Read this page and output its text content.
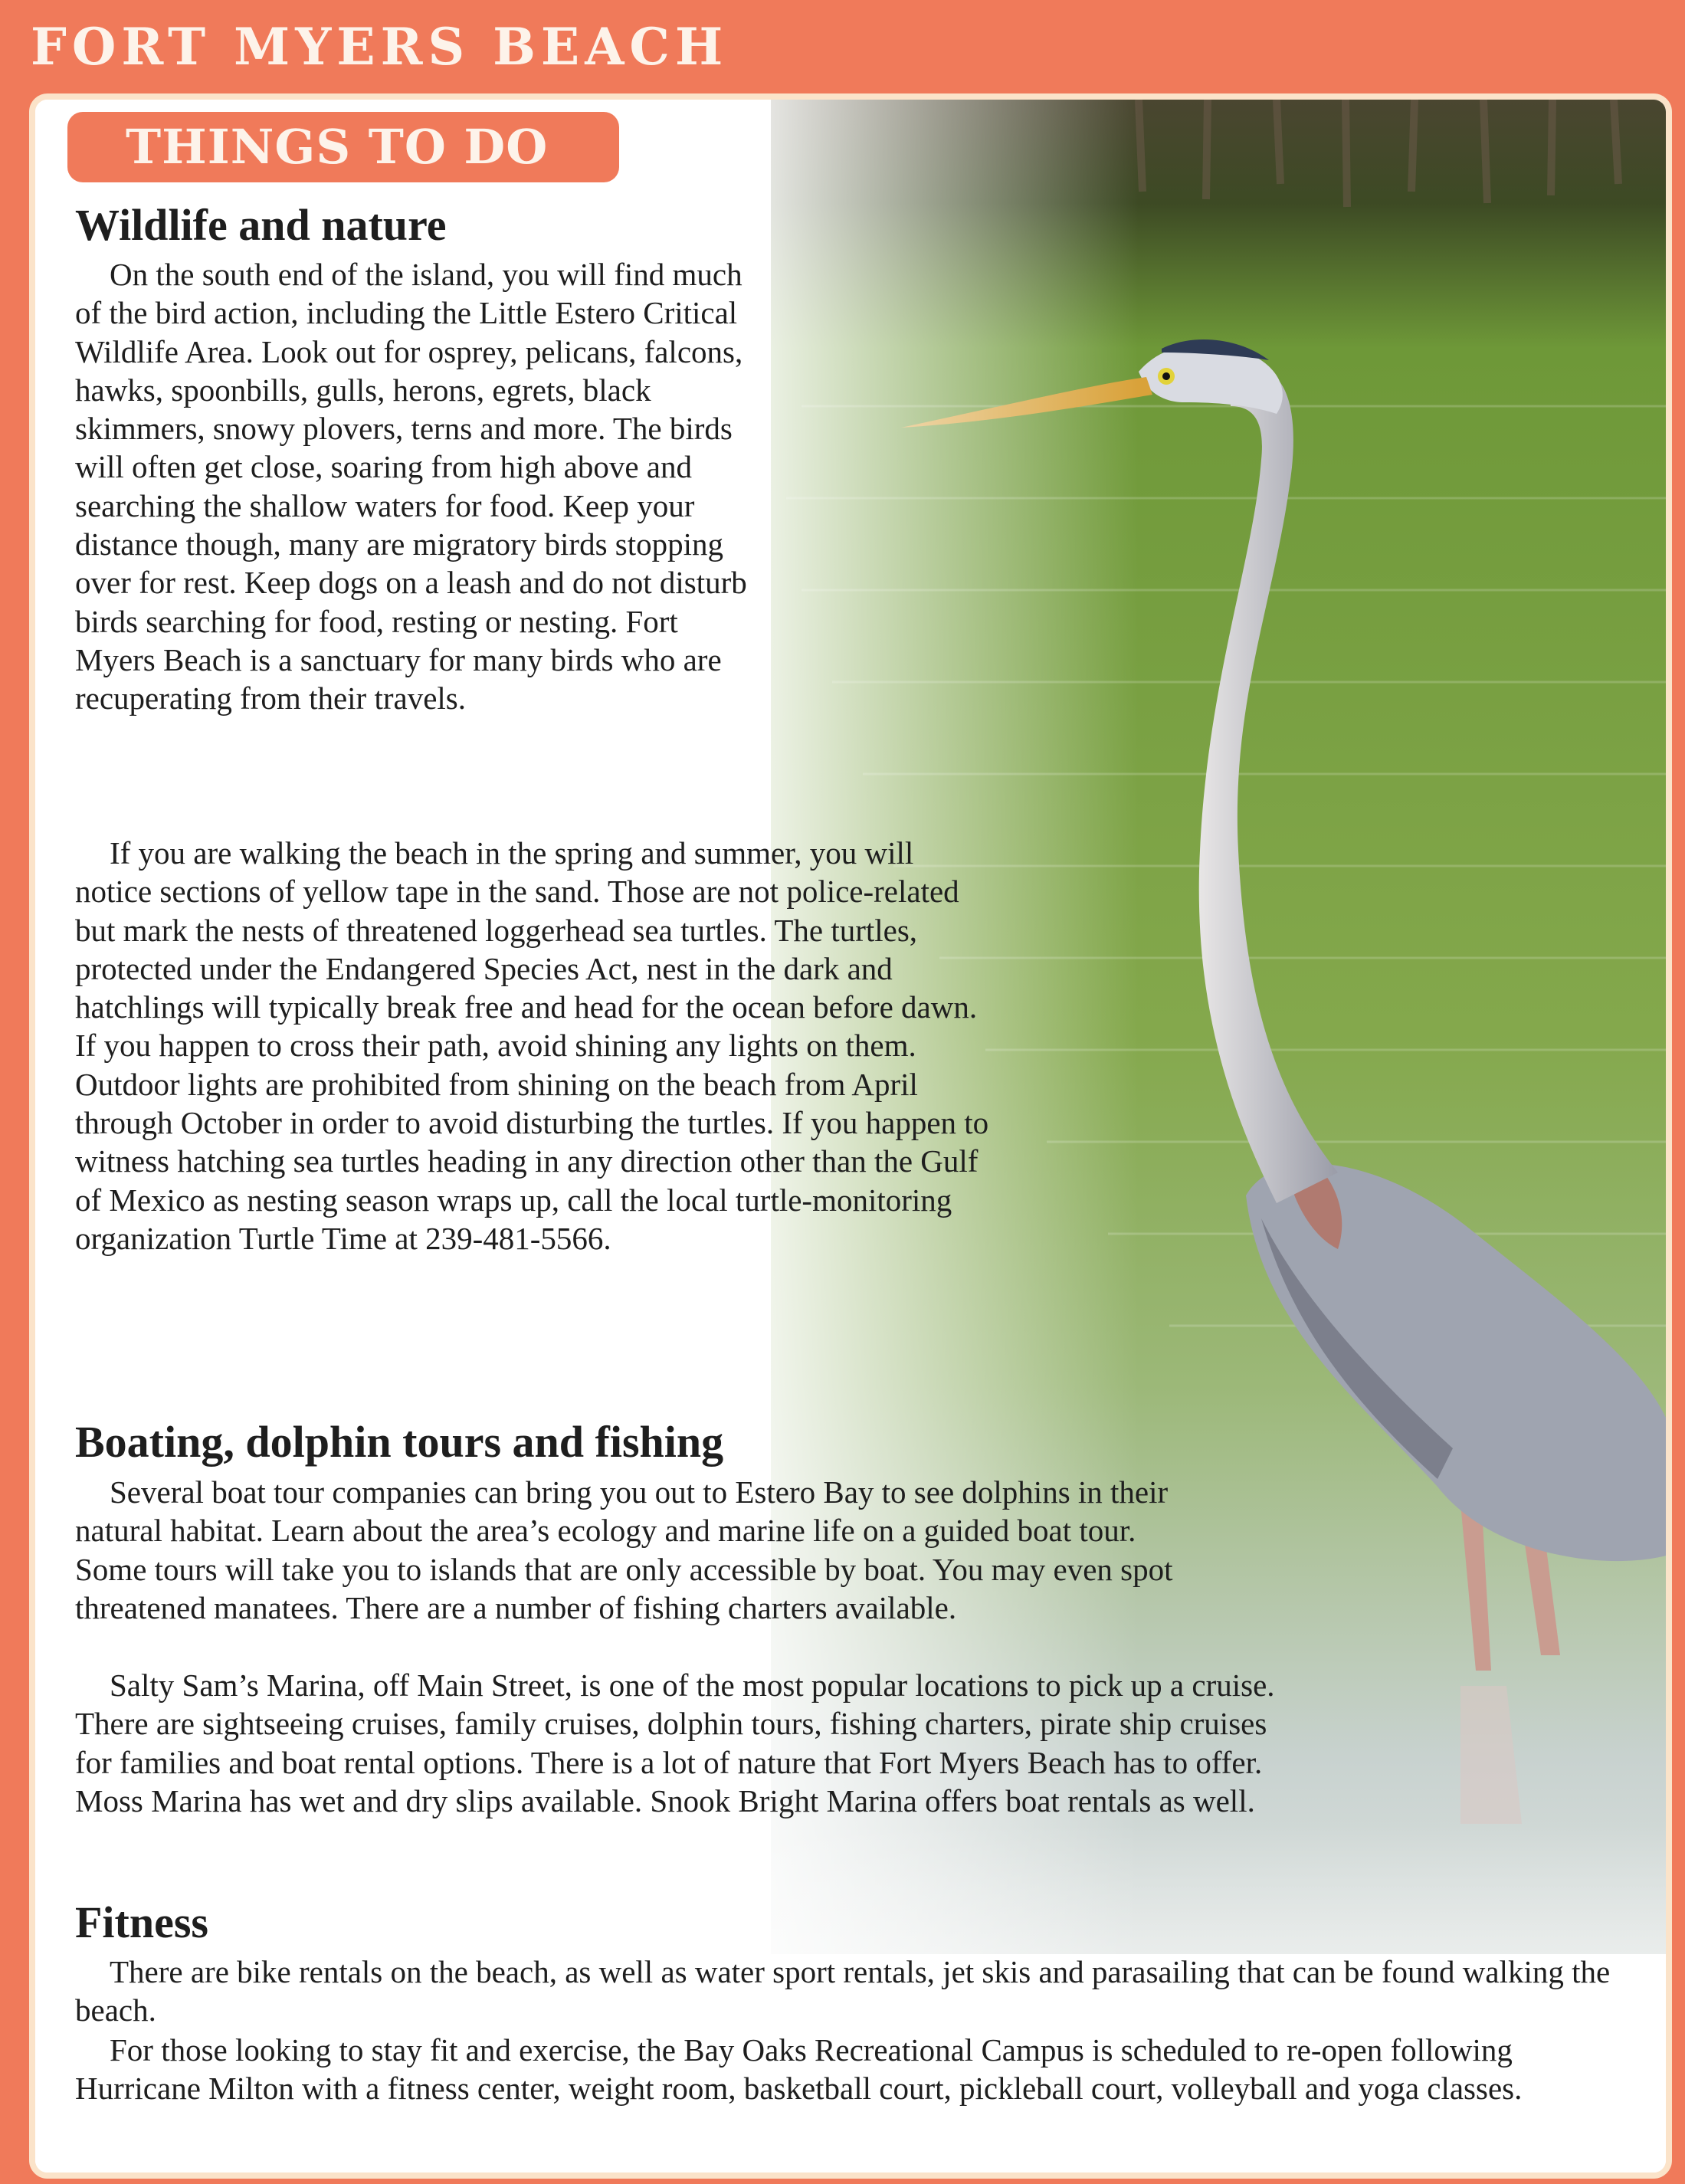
FORT MYERS BEACH
THINGS TO DO
Wildlife and nature

On the south end of the island, you will find much of the bird action, including the Little Estero Critical Wildlife Area. Look out for osprey, pelicans, falcons, hawks, spoonbills, gulls, herons, egrets, black skimmers, snowy plovers, terns and more. The birds will often get close, soaring from high above and searching the shallow waters for food. Keep your distance though, many are migratory birds stopping over for rest. Keep dogs on a leash and do not disturb birds searching for food, resting or nesting. Fort Myers Beach is a sanctuary for many birds who are recuperating from their travels.

If you are walking the beach in the spring and summer, you will notice sections of yellow tape in the sand. Those are not police-related but mark the nests of threatened loggerhead sea turtles. The turtles, protected under the Endangered Species Act, nest in the dark and hatchlings will typically break free and head for the ocean before dawn. If you happen to cross their path, avoid shining any lights on them. Outdoor lights are prohibited from shining on the beach from April through October in order to avoid disturbing the turtles. If you happen to witness hatching sea turtles heading in any direction other than the Gulf of Mexico as nesting season wraps up, call the local turtle-monitoring organization Turtle Time at 239-481-5566.

Boating, dolphin tours and fishing

Several boat tour companies can bring you out to Estero Bay to see dolphins in their natural habitat. Learn about the area’s ecology and marine life on a guided boat tour. Some tours will take you to islands that are only accessible by boat. You may even spot threatened manatees. There are a number of fishing charters available.

Salty Sam’s Marina, off Main Street, is one of the most popular locations to pick up a cruise. There are sightseeing cruises, family cruises, dolphin tours, fishing charters, pirate ship cruises for families and boat rental options. There is a lot of nature that Fort Myers Beach has to offer. Moss Marina has wet and dry slips available. Snook Bright Marina offers boat rentals as well.

Fitness

There are bike rentals on the beach, as well as water sport rentals, jet skis and parasailing that can be found walking the beach.

For those looking to stay fit and exercise, the Bay Oaks Recreational Campus is scheduled to re-open following Hurricane Milton with a fitness center, weight room, basketball court, pickleball court, volleyball and yoga classes.
